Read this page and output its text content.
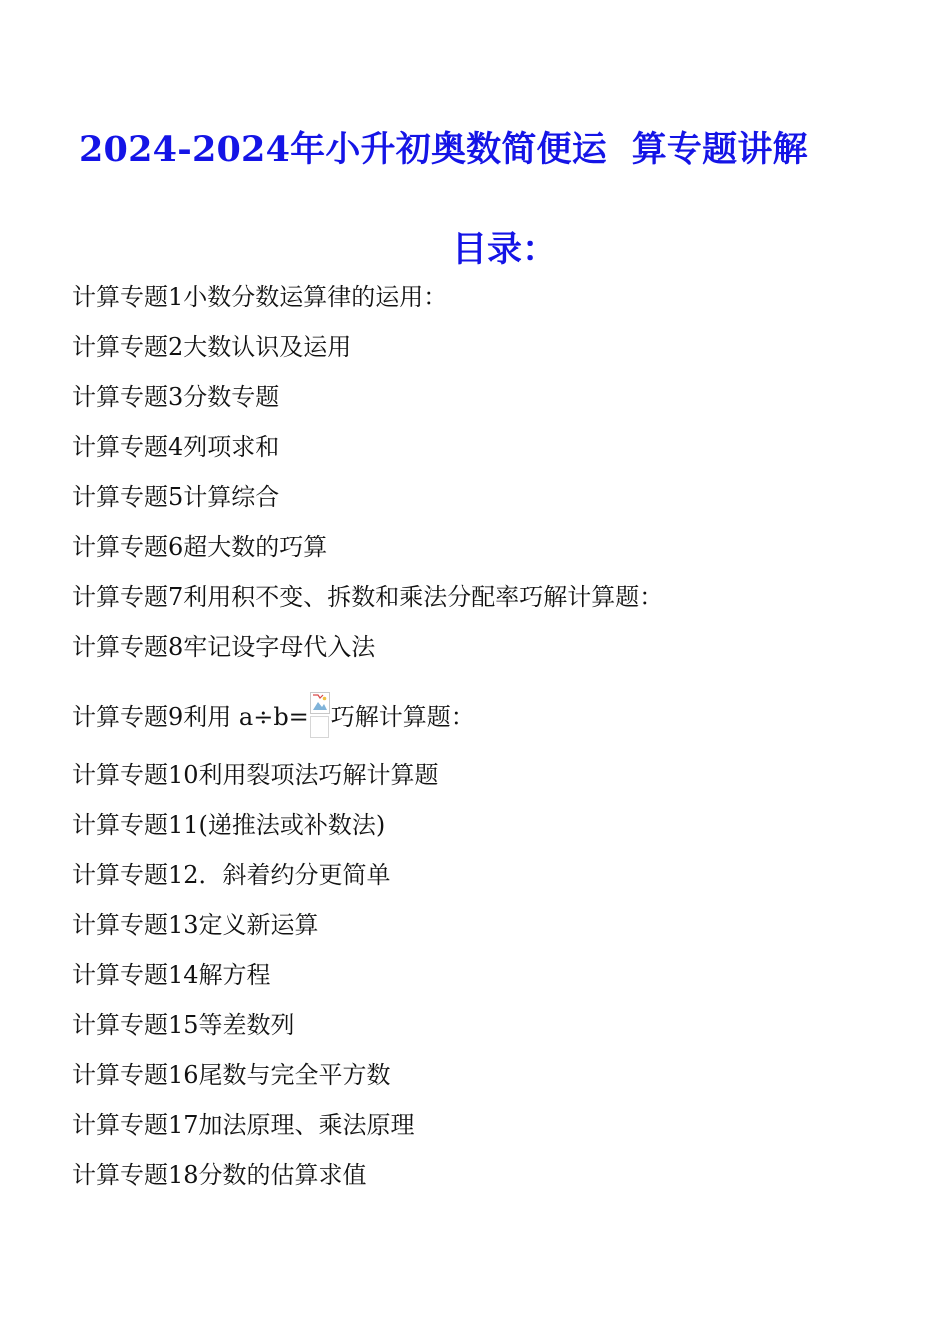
2024-2024年小升初奥数简便运  算专题讲解
目录：
计算专题1小数分数运算律的运用：
计算专题2大数认识及运用
计算专题3分数专题
计算专题4列项求和
计算专题5计算综合
计算专题6超大数的巧算
计算专题7利用积不变、拆数和乘法分配率巧解计算题：
计算专题8牢记设字母代入法

计算专题9利用 a÷b=

巧解计算题：

计算专题10利用裂项法巧解计算题
计算专题11(递推法或补数法)
计算专题12．斜着约分更简单
计算专题13定义新运算
计算专题14解方程
计算专题15等差数列
计算专题16尾数与完全平方数
计算专题17加法原理、乘法原理
计算专题18分数的估算求值
